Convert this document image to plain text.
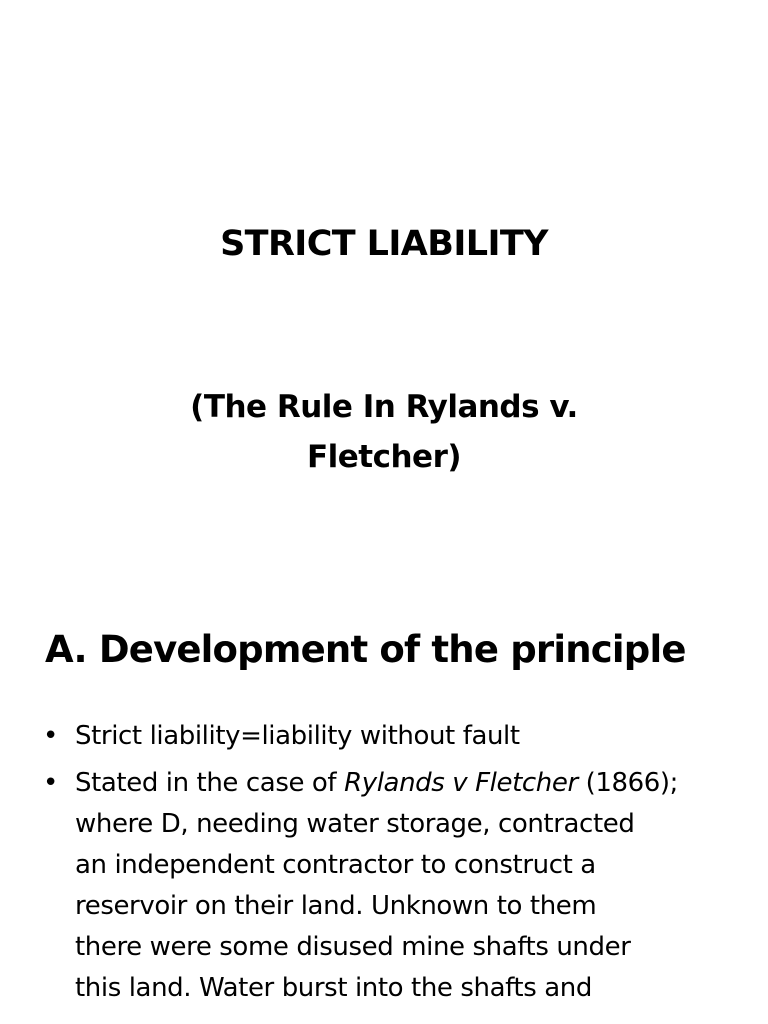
STRICT LIABILITY
(The Rule In Rylands v.
Fletcher)
A. Development of the principle
• Strict liability=liability without fault
• Stated in the case of Rylands v Fletcher (1866);
where D, needing water storage, contracted
an independent contractor to construct a
reservoir on their land. Unknown to them
there were some disused mine shafts under
this land. Water burst into the shafts and
